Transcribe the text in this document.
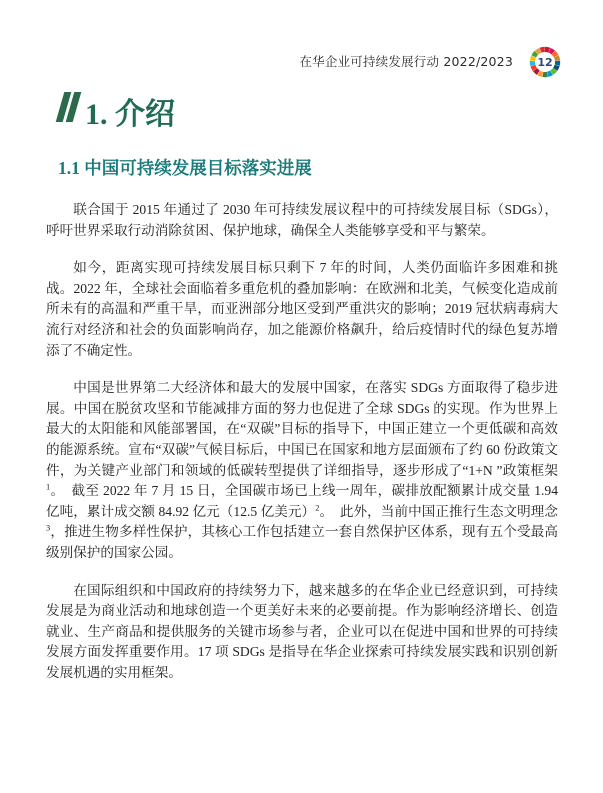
在华企业可持续发展行动 2022/2023	12
1. 介绍
1.1 中国可持续发展目标落实进展

联合国于 2015 年通过了 2030 年可持续发展议程中的可持续发展目标（SDGs），呼吁世界采取行动消除贫困、保护地球，确保全人类能够享受和平与繁荣。

如今，距离实现可持续发展目标只剩下 7 年的时间，人类仍面临许多困难和挑战。2022 年，全球社会面临着多重危机的叠加影响：在欧洲和北美，气候变化造成前所未有的高温和严重干旱，而亚洲部分地区受到严重洪灾的影响；2019 冠状病毒病大流行对经济和社会的负面影响尚存，加之能源价格飙升，给后疫情时代的绿色复苏增添了不确定性。

中国是世界第二大经济体和最大的发展中国家，在落实 SDGs 方面取得了稳步进展。中国在脱贫攻坚和节能减排方面的努力也促进了全球 SDGs 的实现。作为世界上最大的太阳能和风能部署国，在“双碳”目标的指导下，中国正建立一个更低碳和高效的能源系统。宣布“双碳”气候目标后，中国已在国家和地方层面颁布了约 60 份政策文件，为关键产业部门和领域的低碳转型提供了详细指导，逐步形成了“1+N ”政策框架$^1$。　截至 2022 年 7 月 15 日，全国碳市场已上线一周年，碳排放配额累计成交量 1.94 亿吨，累计成交额 84.92 亿元（12.5 亿美元）$^2$。　此外，当前中国正推行生态文明理念$^3$，推进生物多样性保护，其核心工作包括建立一套自然保护区体系，现有五个受最高级别保护的国家公园。

在国际组织和中国政府的持续努力下，越来越多的在华企业已经意识到，可持续发展是为商业活动和地球创造一个更美好未来的必要前提。作为影响经济增长、创造就业、生产商品和提供服务的关键市场参与者，企业可以在促进中国和世界的可持续发展方面发挥重要作用。17 项 SDGs 是指导在华企业探索可持续发展实践和识别创新发展机遇的实用框架。
